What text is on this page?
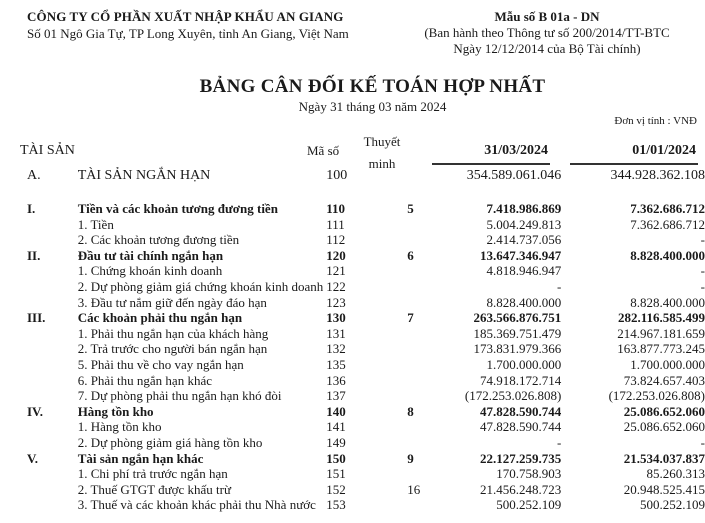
CÔNG TY CỔ PHẦN XUẤT NHẬP KHẨU AN GIANG
Số 01 Ngô Gia Tự, TP Long Xuyên, tỉnh An Giang, Việt Nam
Mẫu số B 01a - DN
(Ban hành theo Thông tư số 200/2014/TT-BTC
Ngày 12/12/2014 của Bộ Tài chính)
BẢNG CÂN ĐỐI KẾ TOÁN HỢP NHẤT
Ngày 31 tháng 03 năm 2024
Đơn vị tính : VNĐ
TÀI SẢN	Mã số
Thuyết
minh
31/03/2024	01/01/2024
A.	TÀI SẢN NGẮN HẠN	100		354.589.061.046	344.928.362.108

I.	Tiền và các khoản tương đương tiền	110	5	7.418.986.869	7.362.686.712
	1. Tiền	111		5.004.249.813	7.362.686.712
	2. Các khoản tương đương tiền	112		2.414.737.056	-
II.	Đầu tư tài chính ngắn hạn	120	6	13.647.346.947	8.828.400.000
	1. Chứng khoán kinh doanh	121		4.818.946.947	-
	2. Dự phòng giảm giá chứng khoán kinh doanh	122		-	-
	3. Đầu tư nắm giữ đến ngày đáo hạn	123		8.828.400.000	8.828.400.000
III.	Các khoản phải thu ngắn hạn	130	7	263.566.876.751	282.116.585.499
	1. Phải thu ngắn hạn của khách hàng	131		185.369.751.479	214.967.181.659
	2. Trả trước cho người bán ngắn hạn	132		173.831.979.366	163.877.773.245
	5. Phải thu về cho vay ngắn hạn	135		1.700.000.000	1.700.000.000
	6. Phải thu ngắn hạn khác	136		74.918.172.714	73.824.657.403
	7. Dự phòng phải thu ngắn hạn khó đòi	137		(172.253.026.808)	(172.253.026.808)
IV.	Hàng tồn kho	140	8	47.828.590.744	25.086.652.060
	1. Hàng tồn kho	141		47.828.590.744	25.086.652.060
	2. Dự phòng giảm giá hàng tồn kho	149		-	-
V.	Tài sản ngắn hạn khác	150	9	22.127.259.735	21.534.037.837
	1. Chi phí trả trước ngắn hạn	151		170.758.903	85.260.313
	2. Thuế GTGT được khấu trừ	152	16	21.456.248.723	20.948.525.415
	3. Thuế và các khoản khác phải thu Nhà nước	153		500.252.109	500.252.109
